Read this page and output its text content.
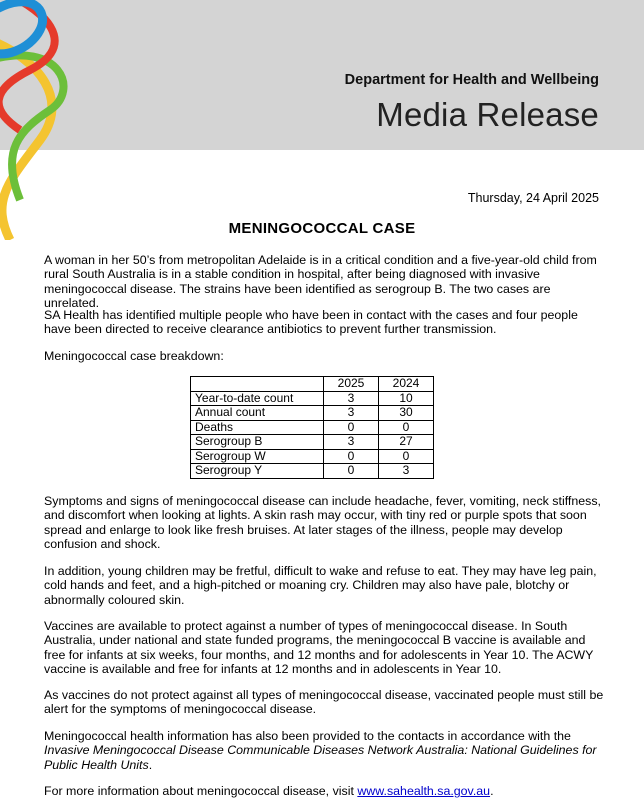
Department for Health and Wellbeing
Media Release
Thursday, 24 April 2025
MENINGOCOCCAL CASE

A woman in her 50’s from metropolitan Adelaide is in a critical condition and a five-year-old child from rural South Australia is in a stable condition in hospital, after being diagnosed with invasive meningococcal disease. The strains have been identified as serogroup B. The two cases are unrelated.

SA Health has identified multiple people who have been in contact with the cases and four people have been directed to receive clearance antibiotics to prevent further transmission.

Meningococcal case breakdown:

	2025	2024
Year-to-date count	3	10
Annual count	3	30
Deaths	0	0
Serogroup B	3	27
Serogroup W	0	0
Serogroup Y	0	3

Symptoms and signs of meningococcal disease can include headache, fever, vomiting, neck stiffness, and discomfort when looking at lights. A skin rash may occur, with tiny red or purple spots that soon spread and enlarge to look like fresh bruises. At later stages of the illness, people may develop confusion and shock.

In addition, young children may be fretful, difficult to wake and refuse to eat. They may have leg pain, cold hands and feet, and a high-pitched or moaning cry. Children may also have pale, blotchy or abnormally coloured skin.

Vaccines are available to protect against a number of types of meningococcal disease. In South Australia, under national and state funded programs, the meningococcal B vaccine is available and free for infants at six weeks, four months, and 12 months and for adolescents in Year 10. The ACWY vaccine is available and free for infants at 12 months and in adolescents in Year 10.

As vaccines do not protect against all types of meningococcal disease, vaccinated people must still be alert for the symptoms of meningococcal disease.

Meningococcal health information has also been provided to the contacts in accordance with the Invasive Meningococcal Disease Communicable Diseases Network Australia: National Guidelines for Public Health Units.

For more information about meningococcal disease, visit www.sahealth.sa.gov.au.
